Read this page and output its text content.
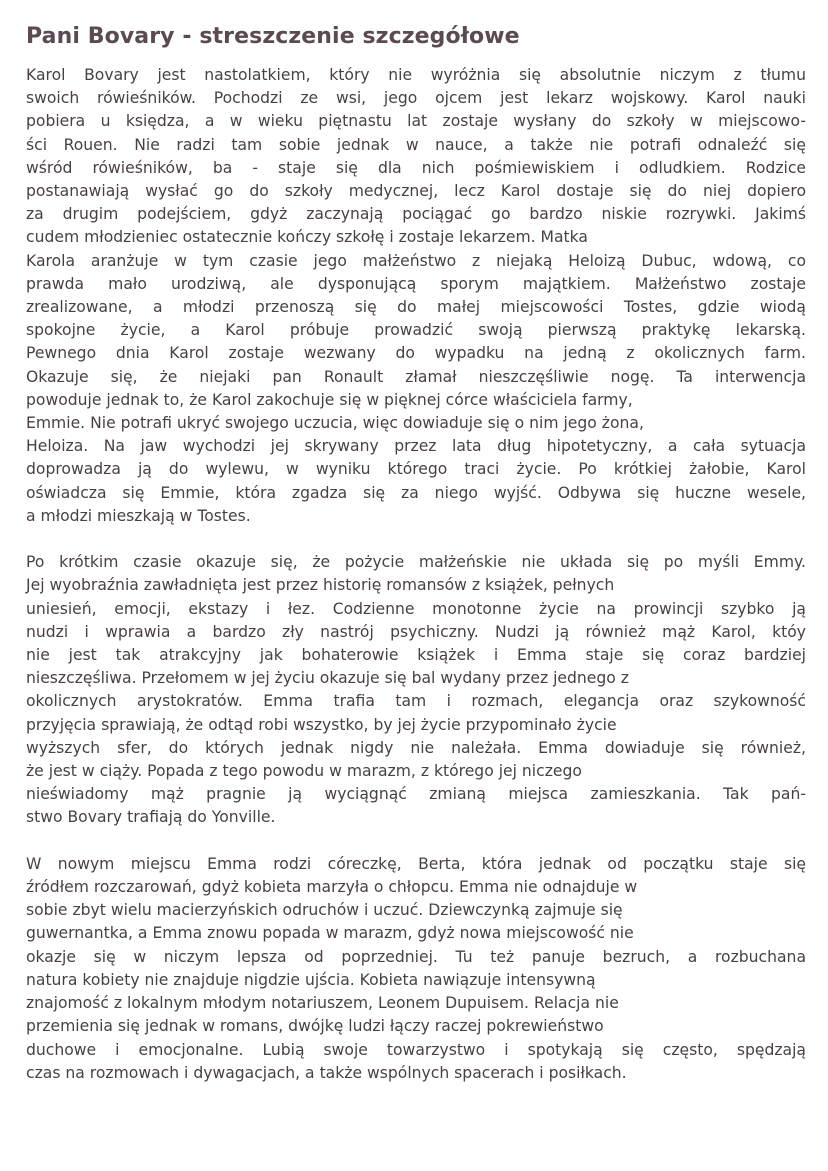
Pani Bovary - streszczenie szczegółowe
Karol Bovary jest nastolatkiem, który nie wyróżnia się absolutnie niczym z tłumu
swoich rówieśników. Pochodzi ze wsi, jego ojcem jest lekarz wojskowy. Karol nauki
pobiera u księdza, a w wieku piętnastu lat zostaje wysłany do szkoły w miejscowo-
ści Rouen. Nie radzi tam sobie jednak w nauce, a także nie potrafi odnaleźć się
wśród rówieśników, ba - staje się dla nich pośmiewiskiem i odludkiem. Rodzice
postanawiają wysłać go do szkoły medycznej, lecz Karol dostaje się do niej dopiero
za drugim podejściem, gdyż zaczynają pociągać go bardzo niskie rozrywki. Jakimś
cudem młodzieniec ostatecznie kończy szkołę i zostaje lekarzem. Matka
Karola aranżuje w tym czasie jego małżeństwo z niejaką Heloizą Dubuc, wdową, co
prawda mało urodziwą, ale dysponującą sporym majątkiem. Małżeństwo zostaje
zrealizowane, a młodzi przenoszą się do małej miejscowości Tostes, gdzie wiodą
spokojne życie, a Karol próbuje prowadzić swoją pierwszą praktykę lekarską.
Pewnego dnia Karol zostaje wezwany do wypadku na jedną z okolicznych farm.
Okazuje się, że niejaki pan Ronault złamał nieszczęśliwie nogę. Ta interwencja
powoduje jednak to, że Karol zakochuje się w pięknej córce właściciela farmy,
Emmie. Nie potrafi ukryć swojego uczucia, więc dowiaduje się o nim jego żona,
Heloiza. Na jaw wychodzi jej skrywany przez lata dług hipotetyczny, a cała sytuacja
doprowadza ją do wylewu, w wyniku którego traci życie. Po krótkiej żałobie, Karol
oświadcza się Emmie, która zgadza się za niego wyjść. Odbywa się huczne wesele,
a młodzi mieszkają w Tostes.
Po krótkim czasie okazuje się, że pożycie małżeńskie nie układa się po myśli Emmy.
Jej wyobraźnia zawładnięta jest przez historię romansów z książek, pełnych
uniesień, emocji, ekstazy i łez. Codzienne monotonne życie na prowincji szybko ją
nudzi i wprawia a bardzo zły nastrój psychiczny. Nudzi ją również mąż Karol, któy
nie jest tak atrakcyjny jak bohaterowie książek i Emma staje się coraz bardziej
nieszczęśliwa. Przełomem w jej życiu okazuje się bal wydany przez jednego z
okolicznych arystokratów. Emma trafia tam i rozmach, elegancja oraz szykowność
przyjęcia sprawiają, że odtąd robi wszystko, by jej życie przypominało życie
wyższych sfer, do których jednak nigdy nie należała. Emma dowiaduje się również,
że jest w ciąży. Popada z tego powodu w marazm, z którego jej niczego
nieświadomy mąż pragnie ją wyciągnąć zmianą miejsca zamieszkania. Tak pań-
stwo Bovary trafiają do Yonville.
W nowym miejscu Emma rodzi córeczkę, Berta, która jednak od początku staje się
źródłem rozczarowań, gdyż kobieta marzyła o chłopcu. Emma nie odnajduje w
sobie zbyt wielu macierzyńskich odruchów i uczuć. Dziewczynką zajmuje się
guwernantka, a Emma znowu popada w marazm, gdyż nowa miejscowość nie
okazje się w niczym lepsza od poprzedniej. Tu też panuje bezruch, a rozbuchana
natura kobiety nie znajduje nigdzie ujścia. Kobieta nawiązuje intensywną
znajomość z lokalnym młodym notariuszem, Leonem Dupuisem. Relacja nie
przemienia się jednak w romans, dwójkę ludzi łączy raczej pokrewieństwo
duchowe i emocjonalne. Lubią swoje towarzystwo i spotykają się często, spędzają
czas na rozmowach i dywagacjach, a także wspólnych spacerach i posiłkach.
